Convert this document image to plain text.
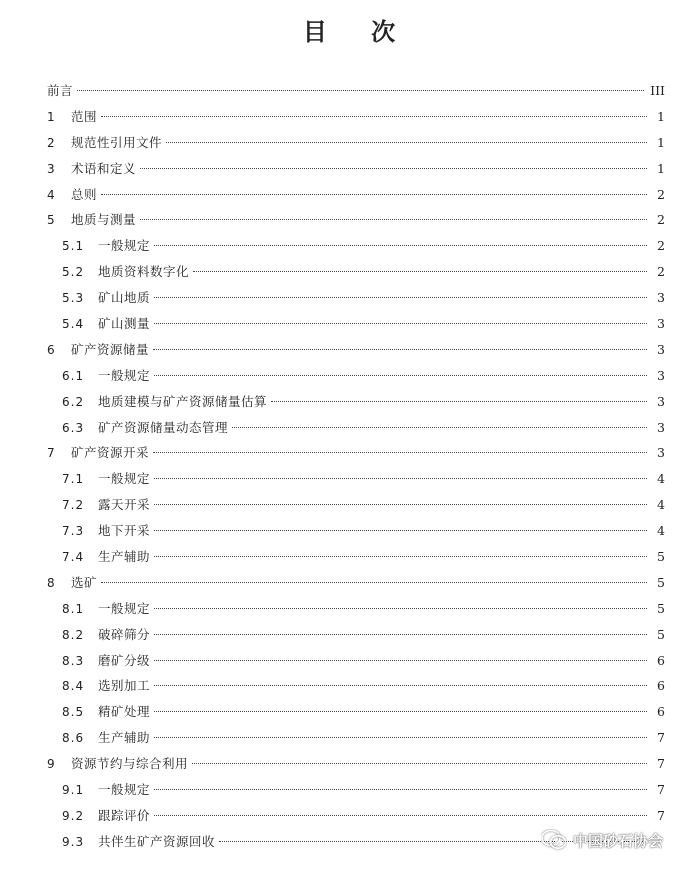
目 次
前言	III
1	范围	1
2	规范性引用文件	1
3	术语和定义	1
4	总则	2
5	地质与测量	2
5.1	一般规定	2
5.2	地质资料数字化	2
5.3	矿山地质	3
5.4	矿山测量	3
6	矿产资源储量	3
6.1	一般规定	3
6.2	地质建模与矿产资源储量估算	3
6.3	矿产资源储量动态管理	3
7	矿产资源开采	3
7.1	一般规定	4
7.2	露天开采	4
7.3	地下开采	4
7.4	生产辅助	5
8	选矿	5
8.1	一般规定	5
8.2	破碎筛分	5
8.3	磨矿分级	6
8.4	选别加工	6
8.5	精矿处理	6
8.6	生产辅助	7
9	资源节约与综合利用	7
9.1	一般规定	7
9.2	跟踪评价	7
9.3	共伴生矿产资源回收	中国砂石协会
